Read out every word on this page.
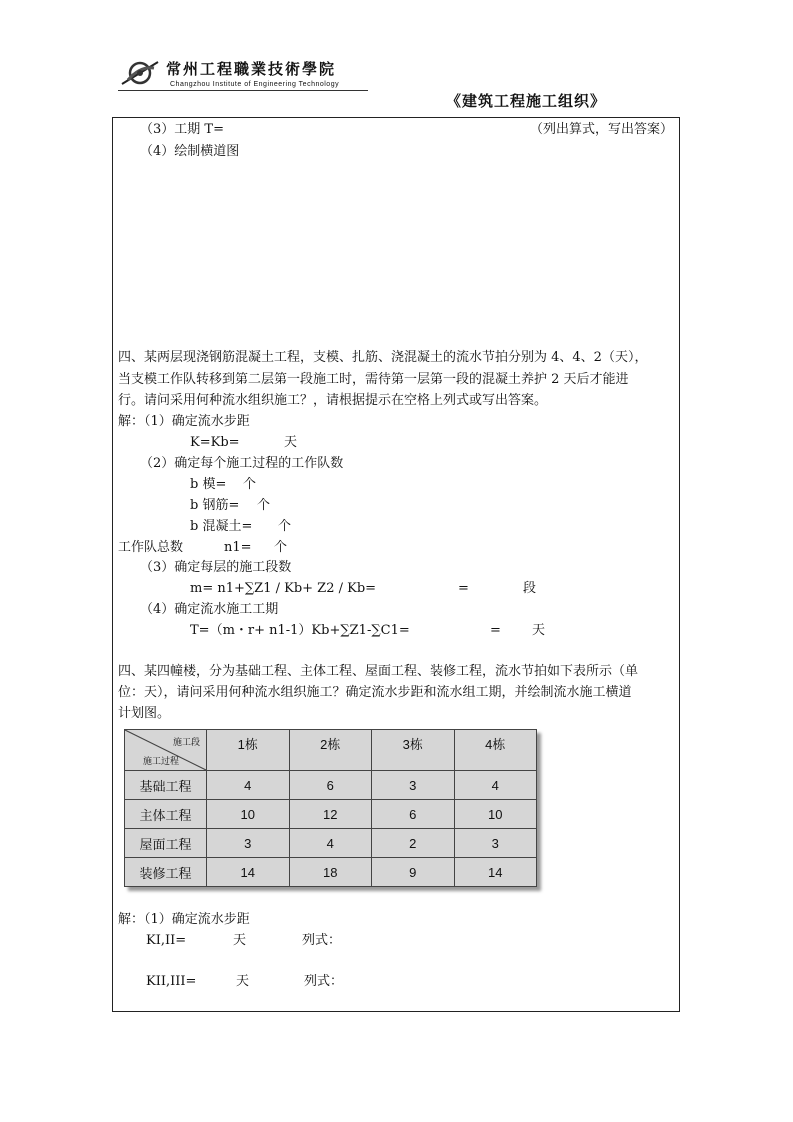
常州工程職業技術學院
Changzhou Institute of Engineering Technology
《建筑工程施工组织》
（3）工期 T=	（列出算式，写出答案）
（4）绘制横道图
四、某两层现浇钢筋混凝土工程，支模、扎筋、浇混凝土的流水节拍分别为 4、4、2（天），
当支模工作队转移到第二层第一段施工时，需待第一层第一段的混凝土养护 2 天后才能进
行。请问采用何种流水组织施工？，请根据提示在空格上列式或写出答案。
解：（1）确定流水步距
K=Kb=	天
（2）确定每个施工过程的工作队数
b 模= 个
b 钢筋= 个
b 混凝土= 个
工作队总数	n1= 个
（3）确定每层的施工段数
m= n1+∑Z1 / Kb+ Z2 / Kb=	=	段
（4）确定流水施工工期
T=（m・r+ n1-1）Kb+∑Z1-∑C1=	= 天
四、某四幢楼，分为基础工程、主体工程、屋面工程、装修工程，流水节拍如下表所示（单
位：天），请问采用何种流水组织施工？确定流水步距和流水组工期，并绘制流水施工横道
计划图。
施工段
施工过程	1栋	2栋	3栋	4栋
基础工程	4	6	3	4
主体工程	10	12	6	10
屋面工程	3	4	2	3
装修工程	14	18	9	14
解：（1）确定流水步距
KI,II=	天	列式：
KII,III=	天	列式：
